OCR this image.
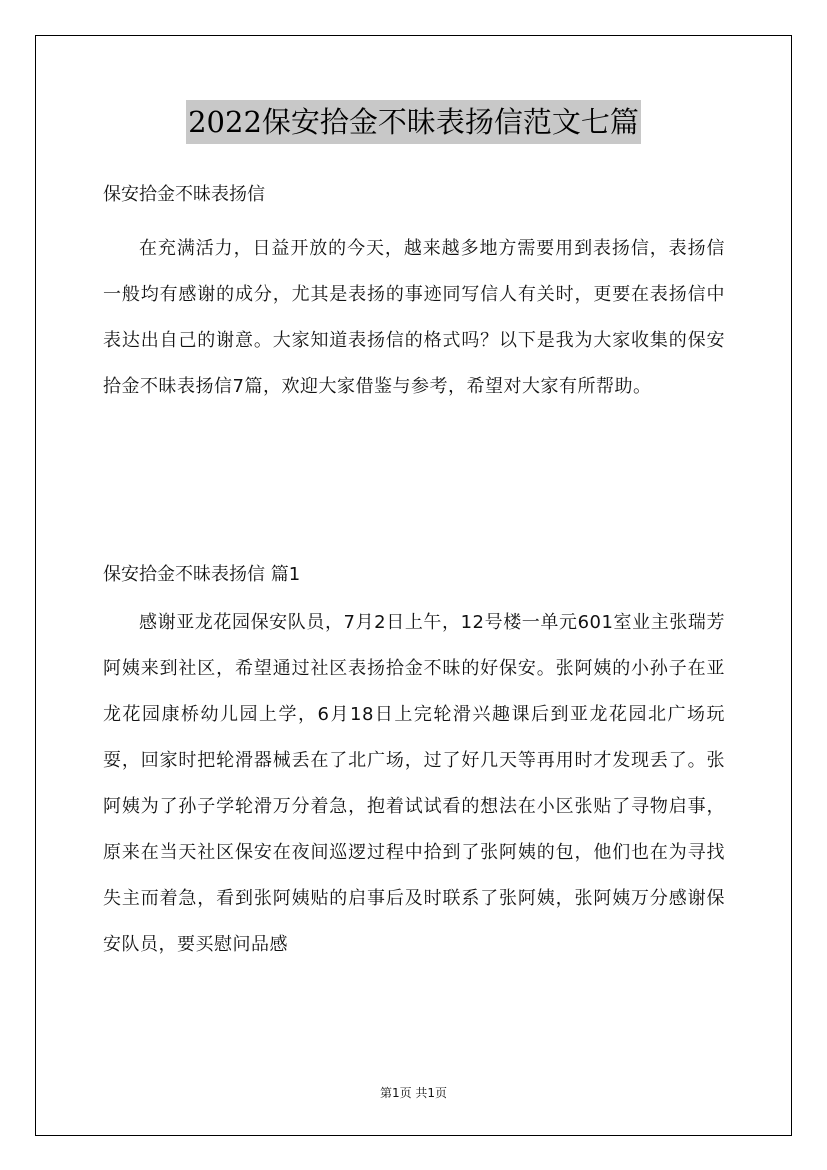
2022保安拾金不昧表扬信范文七篇
保安拾金不昧表扬信
在充满活力，日益开放的今天，越来越多地方需要用到表扬信，表扬信一般均有感谢的成分，尤其是表扬的事迹同写信人有关时，更要在表扬信中表达出自己的谢意。大家知道表扬信的格式吗？以下是我为大家收集的保安拾金不昧表扬信7篇，欢迎大家借鉴与参考，希望对大家有所帮助。
保安拾金不昧表扬信 篇1
感谢亚龙花园保安队员，7月2日上午，12号楼一单元601室业主张瑞芳阿姨来到社区，希望通过社区表扬拾金不昧的好保安。张阿姨的小孙子在亚龙花园康桥幼儿园上学，6月18日上完轮滑兴趣课后到亚龙花园北广场玩耍，回家时把轮滑器械丢在了北广场，过了好几天等再用时才发现丢了。张阿姨为了孙子学轮滑万分着急，抱着试试看的想法在小区张贴了寻物启事，原来在当天社区保安在夜间巡逻过程中拾到了张阿姨的包，他们也在为寻找失主而着急，看到张阿姨贴的启事后及时联系了张阿姨，张阿姨万分感谢保安队员，要买慰问品感
第1页 共1页
